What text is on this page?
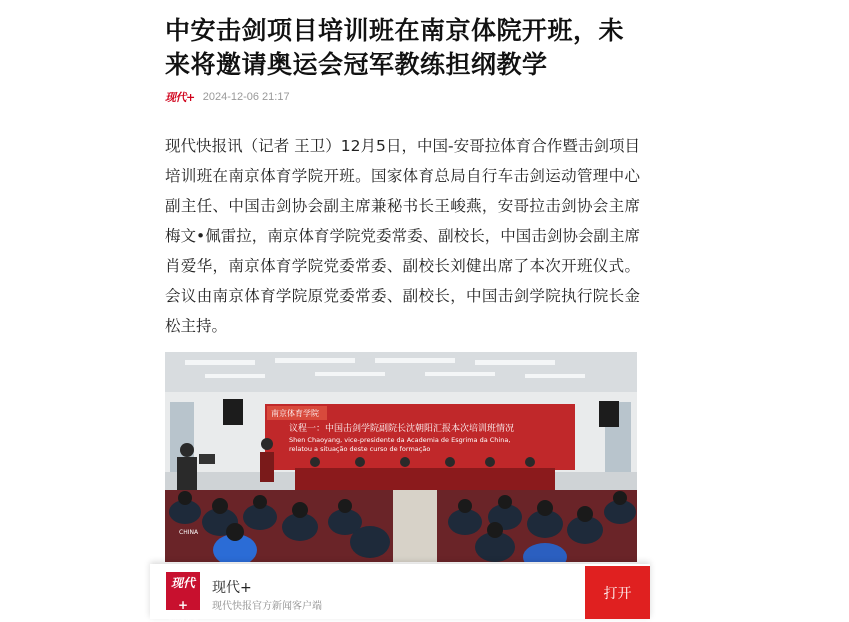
中安击剑项目培训班在南京体院开班，未来将邀请奥运会冠军教练担纲教学
现代+ 2024-12-06 21:17
现代快报讯（记者 王卫）12月5日，中国-安哥拉体育合作暨击剑项目培训班在南京体育学院开班。国家体育总局自行车击剑运动管理中心副主任、中国击剑协会副主席兼秘书长王峻燕，安哥拉击剑协会主席梅文•佩雷拉，南京体育学院党委常委、副校长，中国击剑协会副主席肖爱华，南京体育学院党委常委、副校长刘健出席了本次开班仪式。会议由南京体育学院原党委常委、副校长，中国击剑学院执行院长金松主持。
南京体育学院
议程一：中国击剑学院副院长沈朝阳汇报本次培训班情况
Shen Chaoyang, vice-presidente da Academia de Esgrima da China,
relatou a situação deste curso de formação
CHINA
现代+
现代快报 客户端
现代+
现代快报官方新闻客户端
打开
